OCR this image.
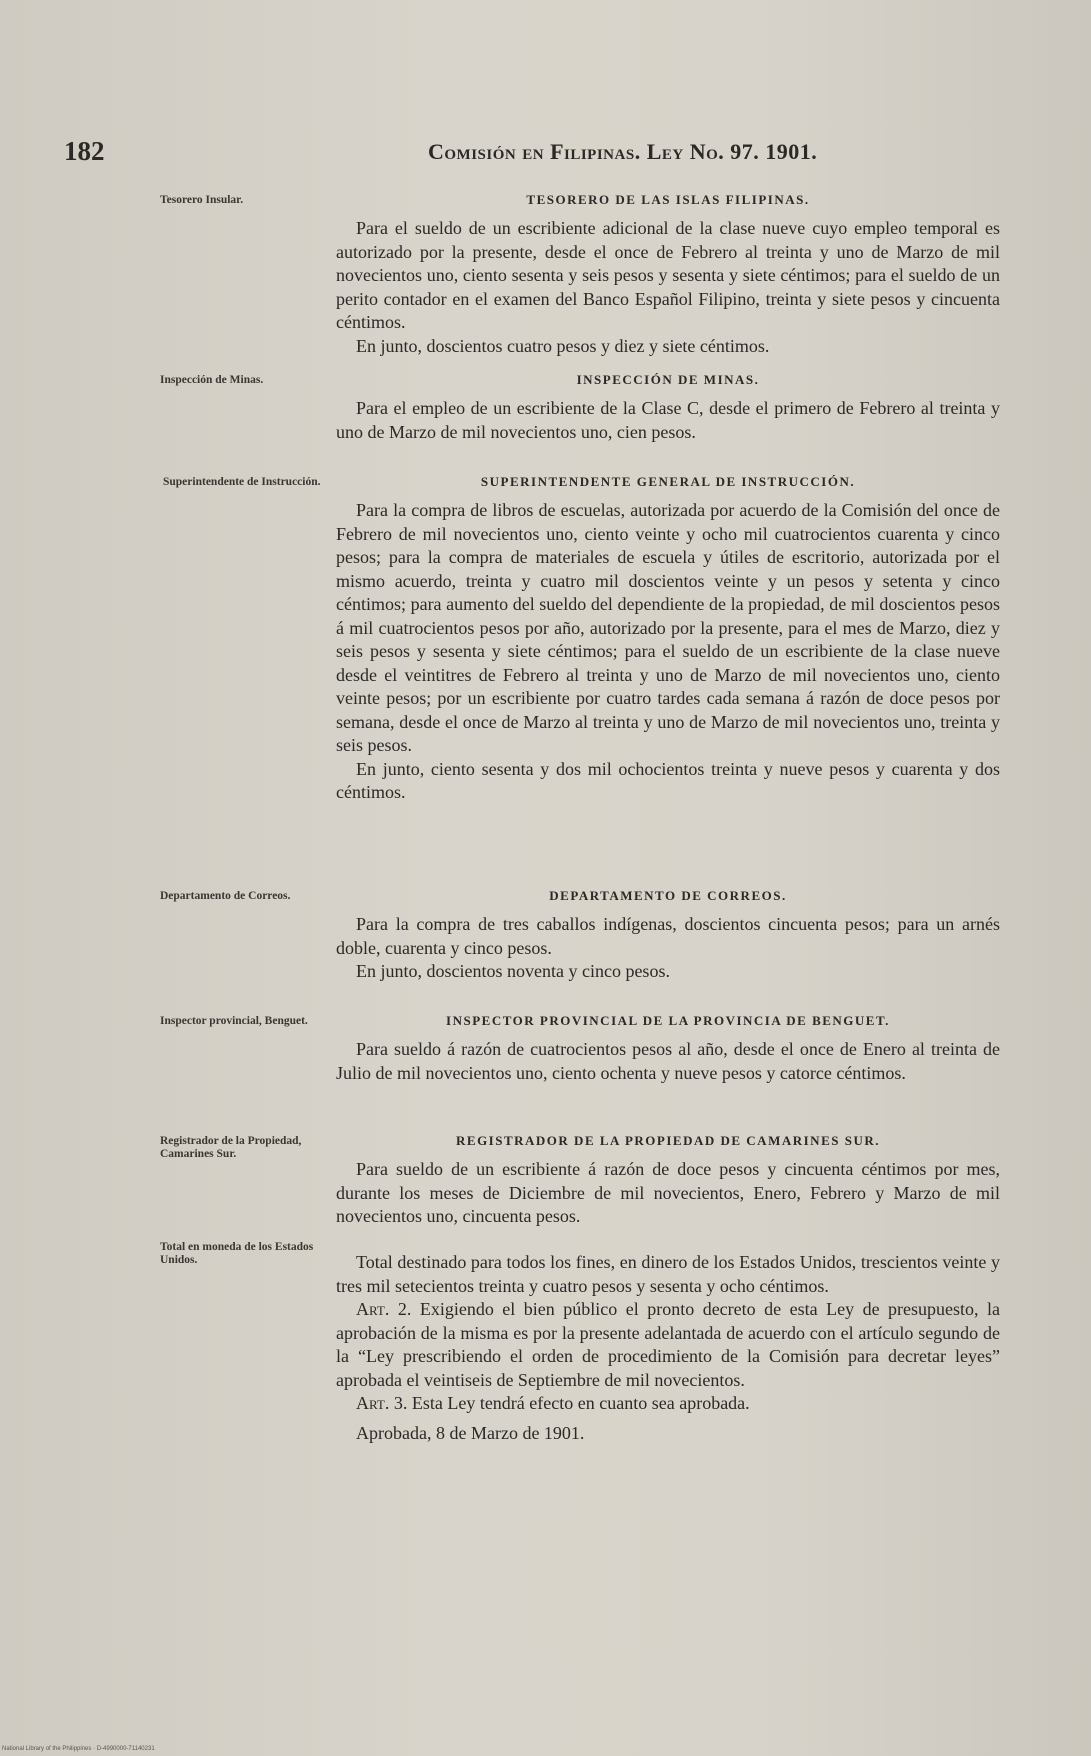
182	Comisión en Filipinas. Ley No. 97. 1901.
Tesorero Insular.	TESORERO DE LAS ISLAS FILIPINAS.

Para el sueldo de un escribiente adicional de la clase nueve cuyo empleo temporal es autorizado por la presente, desde el once de Febrero al treinta y uno de Marzo de mil novecientos uno, ciento sesenta y seis pesos y sesenta y siete céntimos; para el sueldo de un perito contador en el examen del Banco Español Filipino, treinta y siete pesos y cincuenta céntimos.

En junto, doscientos cuatro pesos y diez y siete céntimos.

Inspección de Minas.	INSPECCIÓN DE MINAS.

Para el empleo de un escribiente de la Clase C, desde el primero de Febrero al treinta y uno de Marzo de mil novecientos uno, cien pesos.

Superintendente de Instrucción.	SUPERINTENDENTE GENERAL DE INSTRUCCIÓN.

Para la compra de libros de escuelas, autorizada por acuerdo de la Comisión del once de Febrero de mil novecientos uno, ciento veinte y ocho mil cuatrocientos cuarenta y cinco pesos; para la compra de materiales de escuela y útiles de escritorio, autorizada por el mismo acuerdo, treinta y cuatro mil doscientos veinte y un pesos y setenta y cinco céntimos; para aumento del sueldo del dependiente de la propiedad, de mil doscientos pesos á mil cuatrocientos pesos por año, autorizado por la presente, para el mes de Marzo, diez y seis pesos y sesenta y siete céntimos; para el sueldo de un escribiente de la clase nueve desde el veintitres de Febrero al treinta y uno de Marzo de mil novecientos uno, ciento veinte pesos; por un escribiente por cuatro tardes cada semana á razón de doce pesos por semana, desde el once de Marzo al treinta y uno de Marzo de mil novecientos uno, treinta y seis pesos.

En junto, ciento sesenta y dos mil ochocientos treinta y nueve pesos y cuarenta y dos céntimos.

Departamento de Correos.	DEPARTAMENTO DE CORREOS.

Para la compra de tres caballos indígenas, doscientos cincuenta pesos; para un arnés doble, cuarenta y cinco pesos.

En junto, doscientos noventa y cinco pesos.

Inspector provincial, Benguet.	INSPECTOR PROVINCIAL DE LA PROVINCIA DE BENGUET.

Para sueldo á razón de cuatrocientos pesos al año, desde el once de Enero al treinta de Julio de mil novecientos uno, ciento ochenta y nueve pesos y catorce céntimos.

Registrador de la Propiedad, Camarines Sur.
REGISTRADOR DE LA PROPIEDAD DE CAMARINES SUR.

Para sueldo de un escribiente á razón de doce pesos y cincuenta céntimos por mes, durante los meses de Diciembre de mil novecientos, Enero, Febrero y Marzo de mil novecientos uno, cincuenta pesos.

Total en moneda de los Estados Unidos.	Total destinado para todos los fines, en dinero de los Estados Unidos, trescientos veinte y tres mil setecientos treinta y cuatro pesos y sesenta y ocho céntimos.

Art. 2. Exigiendo el bien público el pronto decreto de esta Ley de presupuesto, la aprobación de la misma es por la presente adelantada de acuerdo con el artículo segundo de la “Ley prescribiendo el orden de procedimiento de la Comisión para decretar leyes” aprobada el veintiseis de Septiembre de mil novecientos.

Art. 3. Esta Ley tendrá efecto en cuanto sea aprobada.

Aprobada, 8 de Marzo de 1901.

National Library of the Philippines · D-4990000-71140231
